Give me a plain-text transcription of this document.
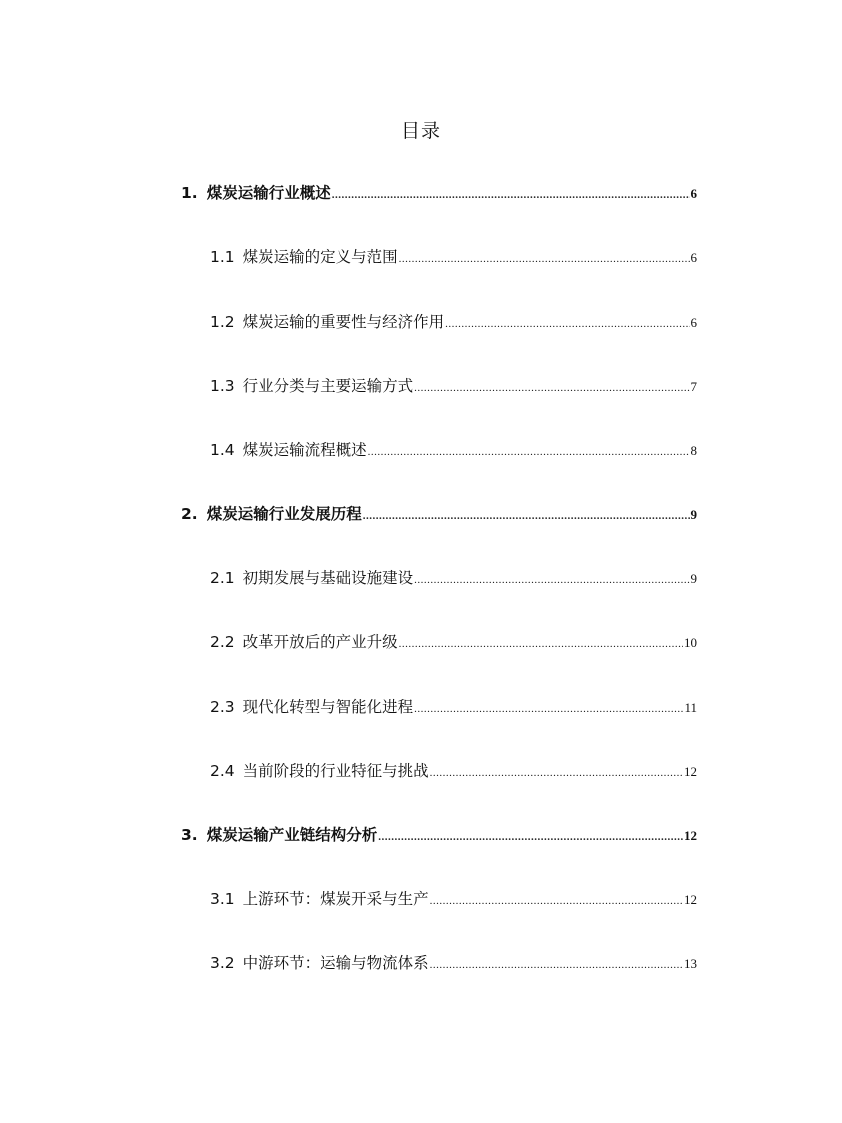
目录
1. 煤炭运输行业概述 .....	6
1.1 煤炭运输的定义与范围 .....	6
1.2 煤炭运输的重要性与经济作用 .....	6
1.3 行业分类与主要运输方式 .....	7
1.4 煤炭运输流程概述 .....	8
2. 煤炭运输行业发展历程 .....	9
2.1 初期发展与基础设施建设 .....	9
2.2 改革开放后的产业升级 .....	10
2.3 现代化转型与智能化进程 .....	11
2.4 当前阶段的行业特征与挑战 .....	12
3. 煤炭运输产业链结构分析 .....	12
3.1 上游环节：煤炭开采与生产 .....	12
3.2 中游环节：运输与物流体系 .....	13
